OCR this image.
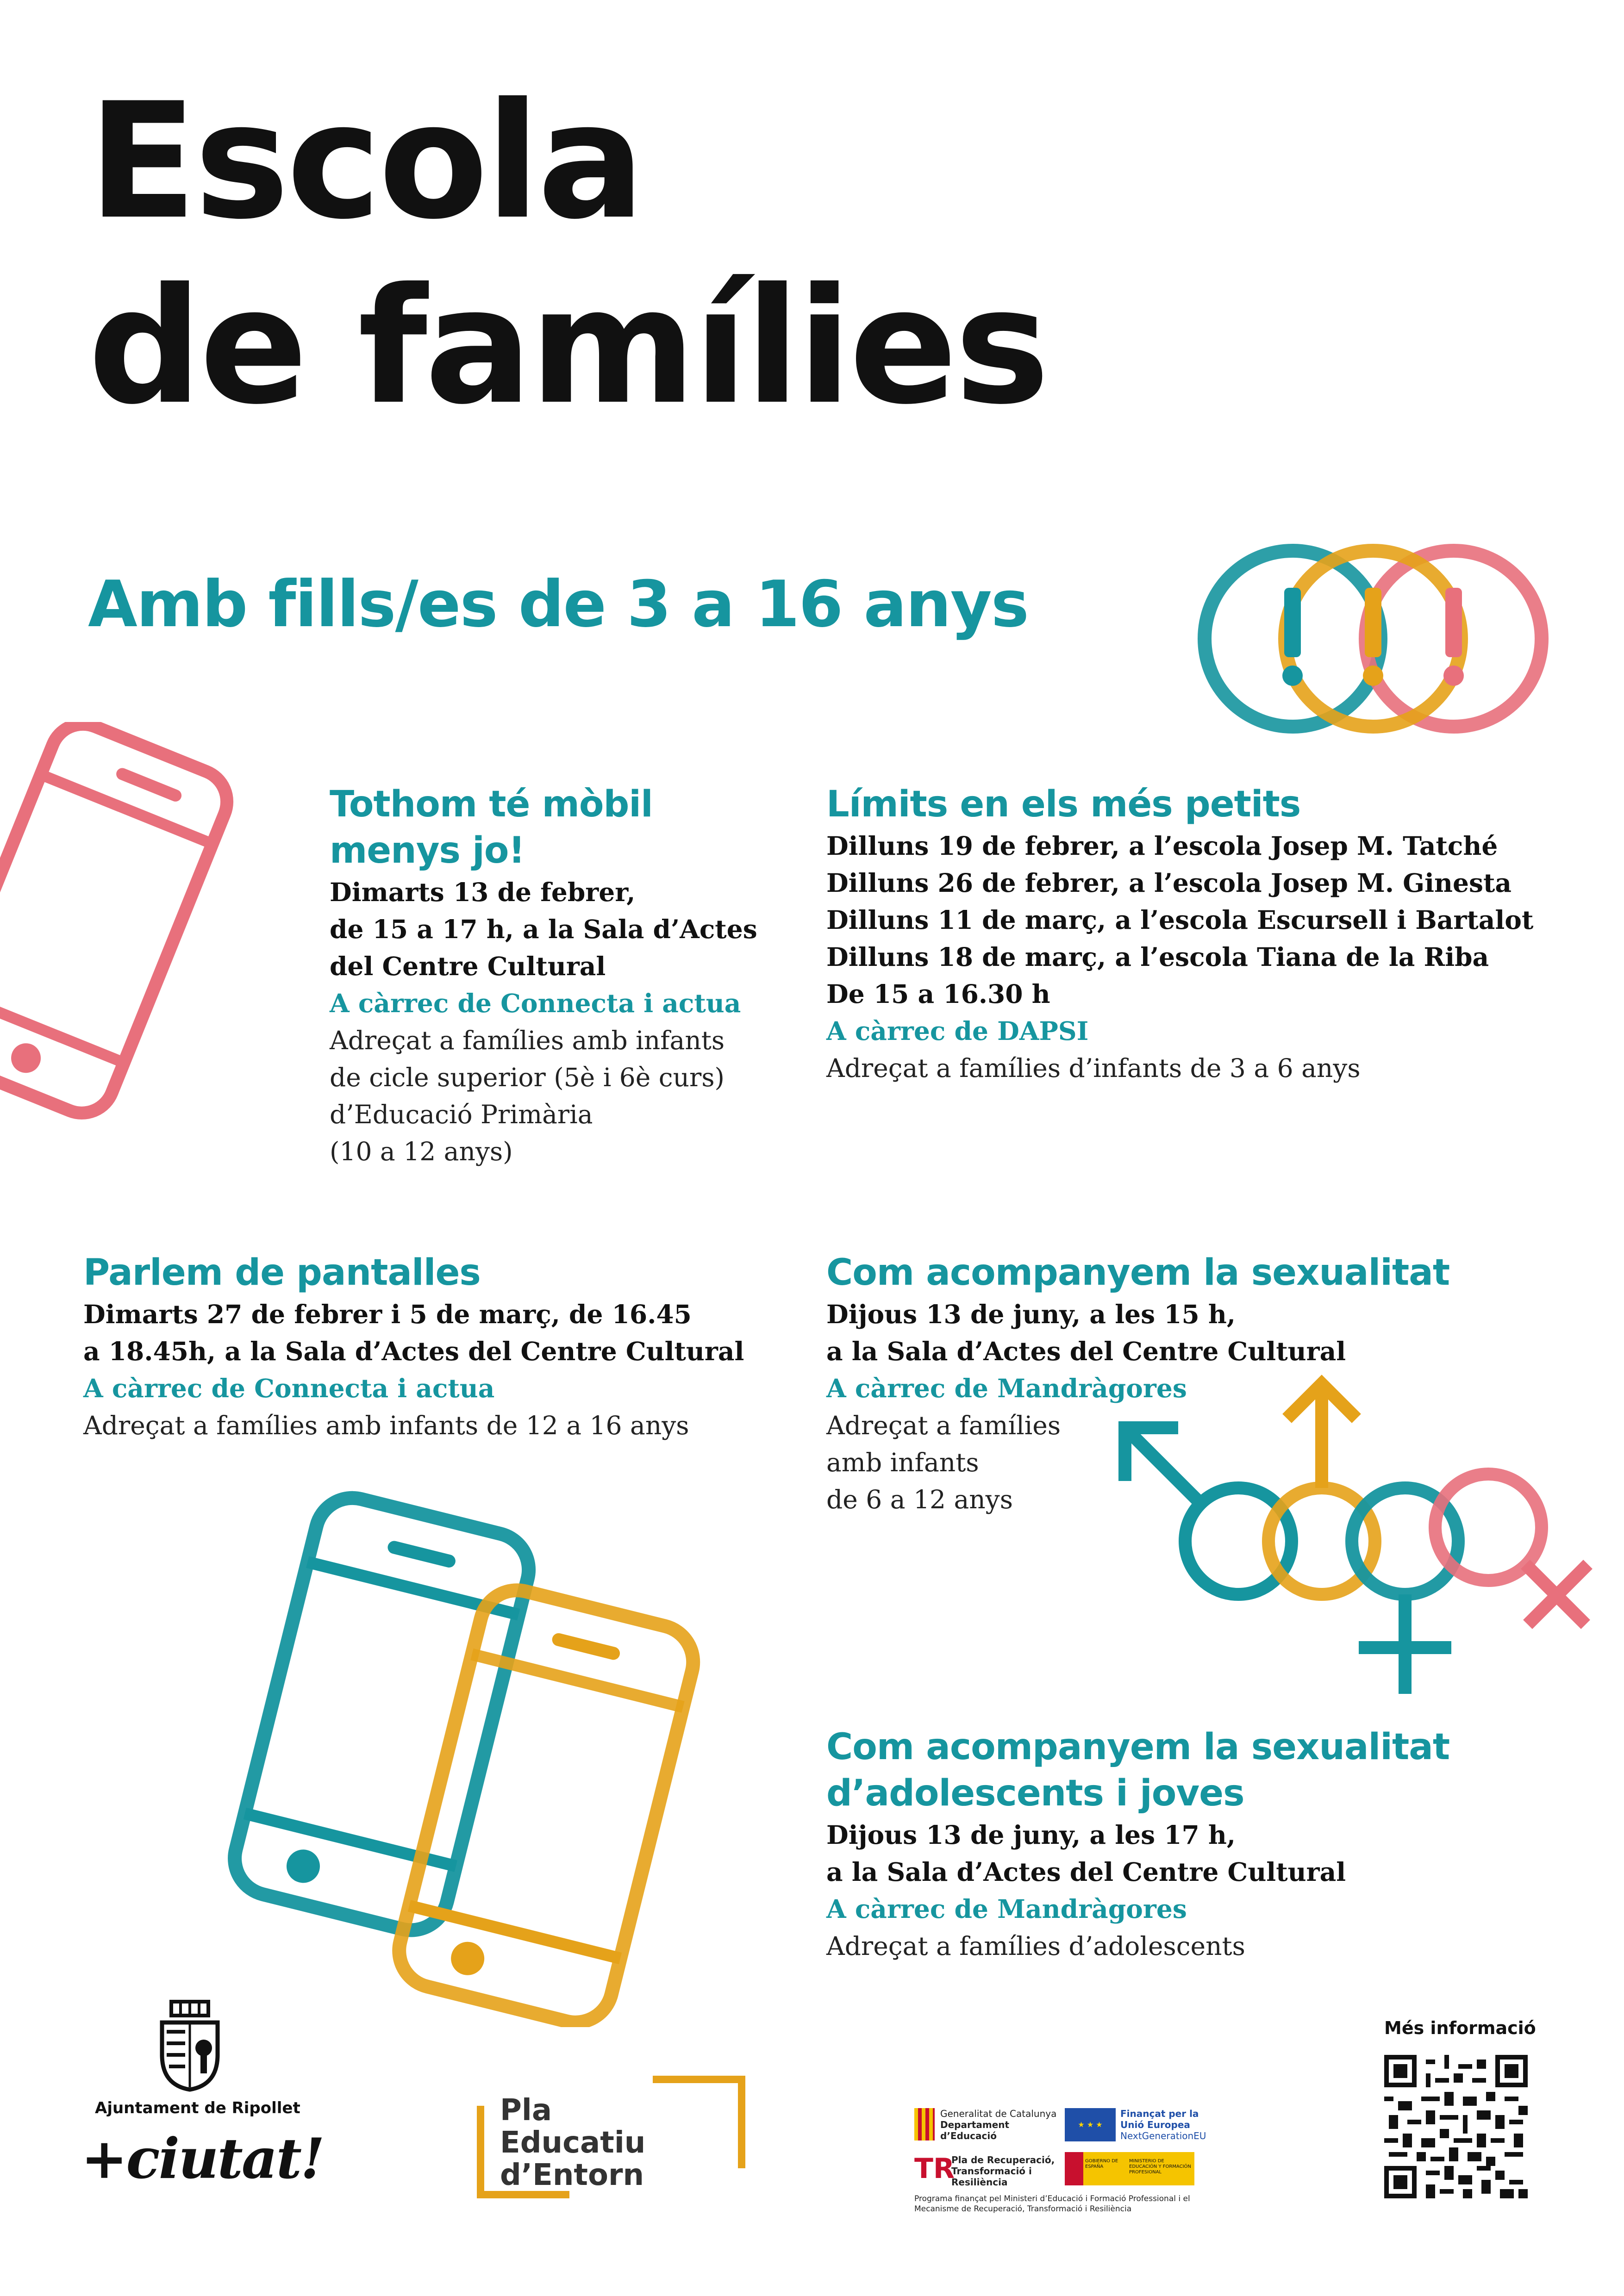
Escola
de famílies
Amb fills/es de 3 a 16 anys
Tothom té mòbil
menys jo!
Dimarts 13 de febrer,
de 15 a 17 h, a la Sala d’Actes
del Centre Cultural
A càrrec de Connecta i actua
Adreçat a famílies amb infants
de cicle superior (5è i 6è curs)
d’Educació Primària
(10 a 12 anys)
Límits en els més petits
Dilluns 19 de febrer, a l’escola Josep M. Tatché
Dilluns 26 de febrer, a l’escola Josep M. Ginesta
Dilluns 11 de març, a l’escola Escursell i Bartalot
Dilluns 18 de març, a l’escola Tiana de la Riba
De 15 a 16.30 h
A càrrec de DAPSI
Adreçat a famílies d’infants de 3 a 6 anys
Parlem de pantalles
Dimarts 27 de febrer i 5 de març, de 16.45
a 18.45h, a la Sala d’Actes del Centre Cultural
A càrrec de Connecta i actua
Adreçat a famílies amb infants de 12 a 16 anys
Com acompanyem la sexualitat
Dijous 13 de juny, a les 15 h,
a la Sala d’Actes del Centre Cultural
A càrrec de Mandràgores
Adreçat a famílies
amb infants
de 6 a 12 anys
Com acompanyem la sexualitat
d’adolescents i joves
Dijous 13 de juny, a les 17 h,
a la Sala d’Actes del Centre Cultural
A càrrec de Mandràgores
Adreçat a famílies d’adolescents
Ajuntament de Ripollet
+ciutat!
Pla
Educatiu
d’Entorn
Generalitat de Catalunya
Departament
d’Educació
★ ★ ★
Finançat per la
Unió Europea
NextGenerationEU
TR
Pla de Recuperació,
Transformació i
Resiliència
GOBIERNO DE ESPAÑA
MINISTERIO DE EDUCACIÓN Y FORMACIÓN PROFESIONAL
Programa finançat pel Ministeri d’Educació i Formació Professional i el
Mecanisme de Recuperació, Transformació i Resiliència
Més informació
